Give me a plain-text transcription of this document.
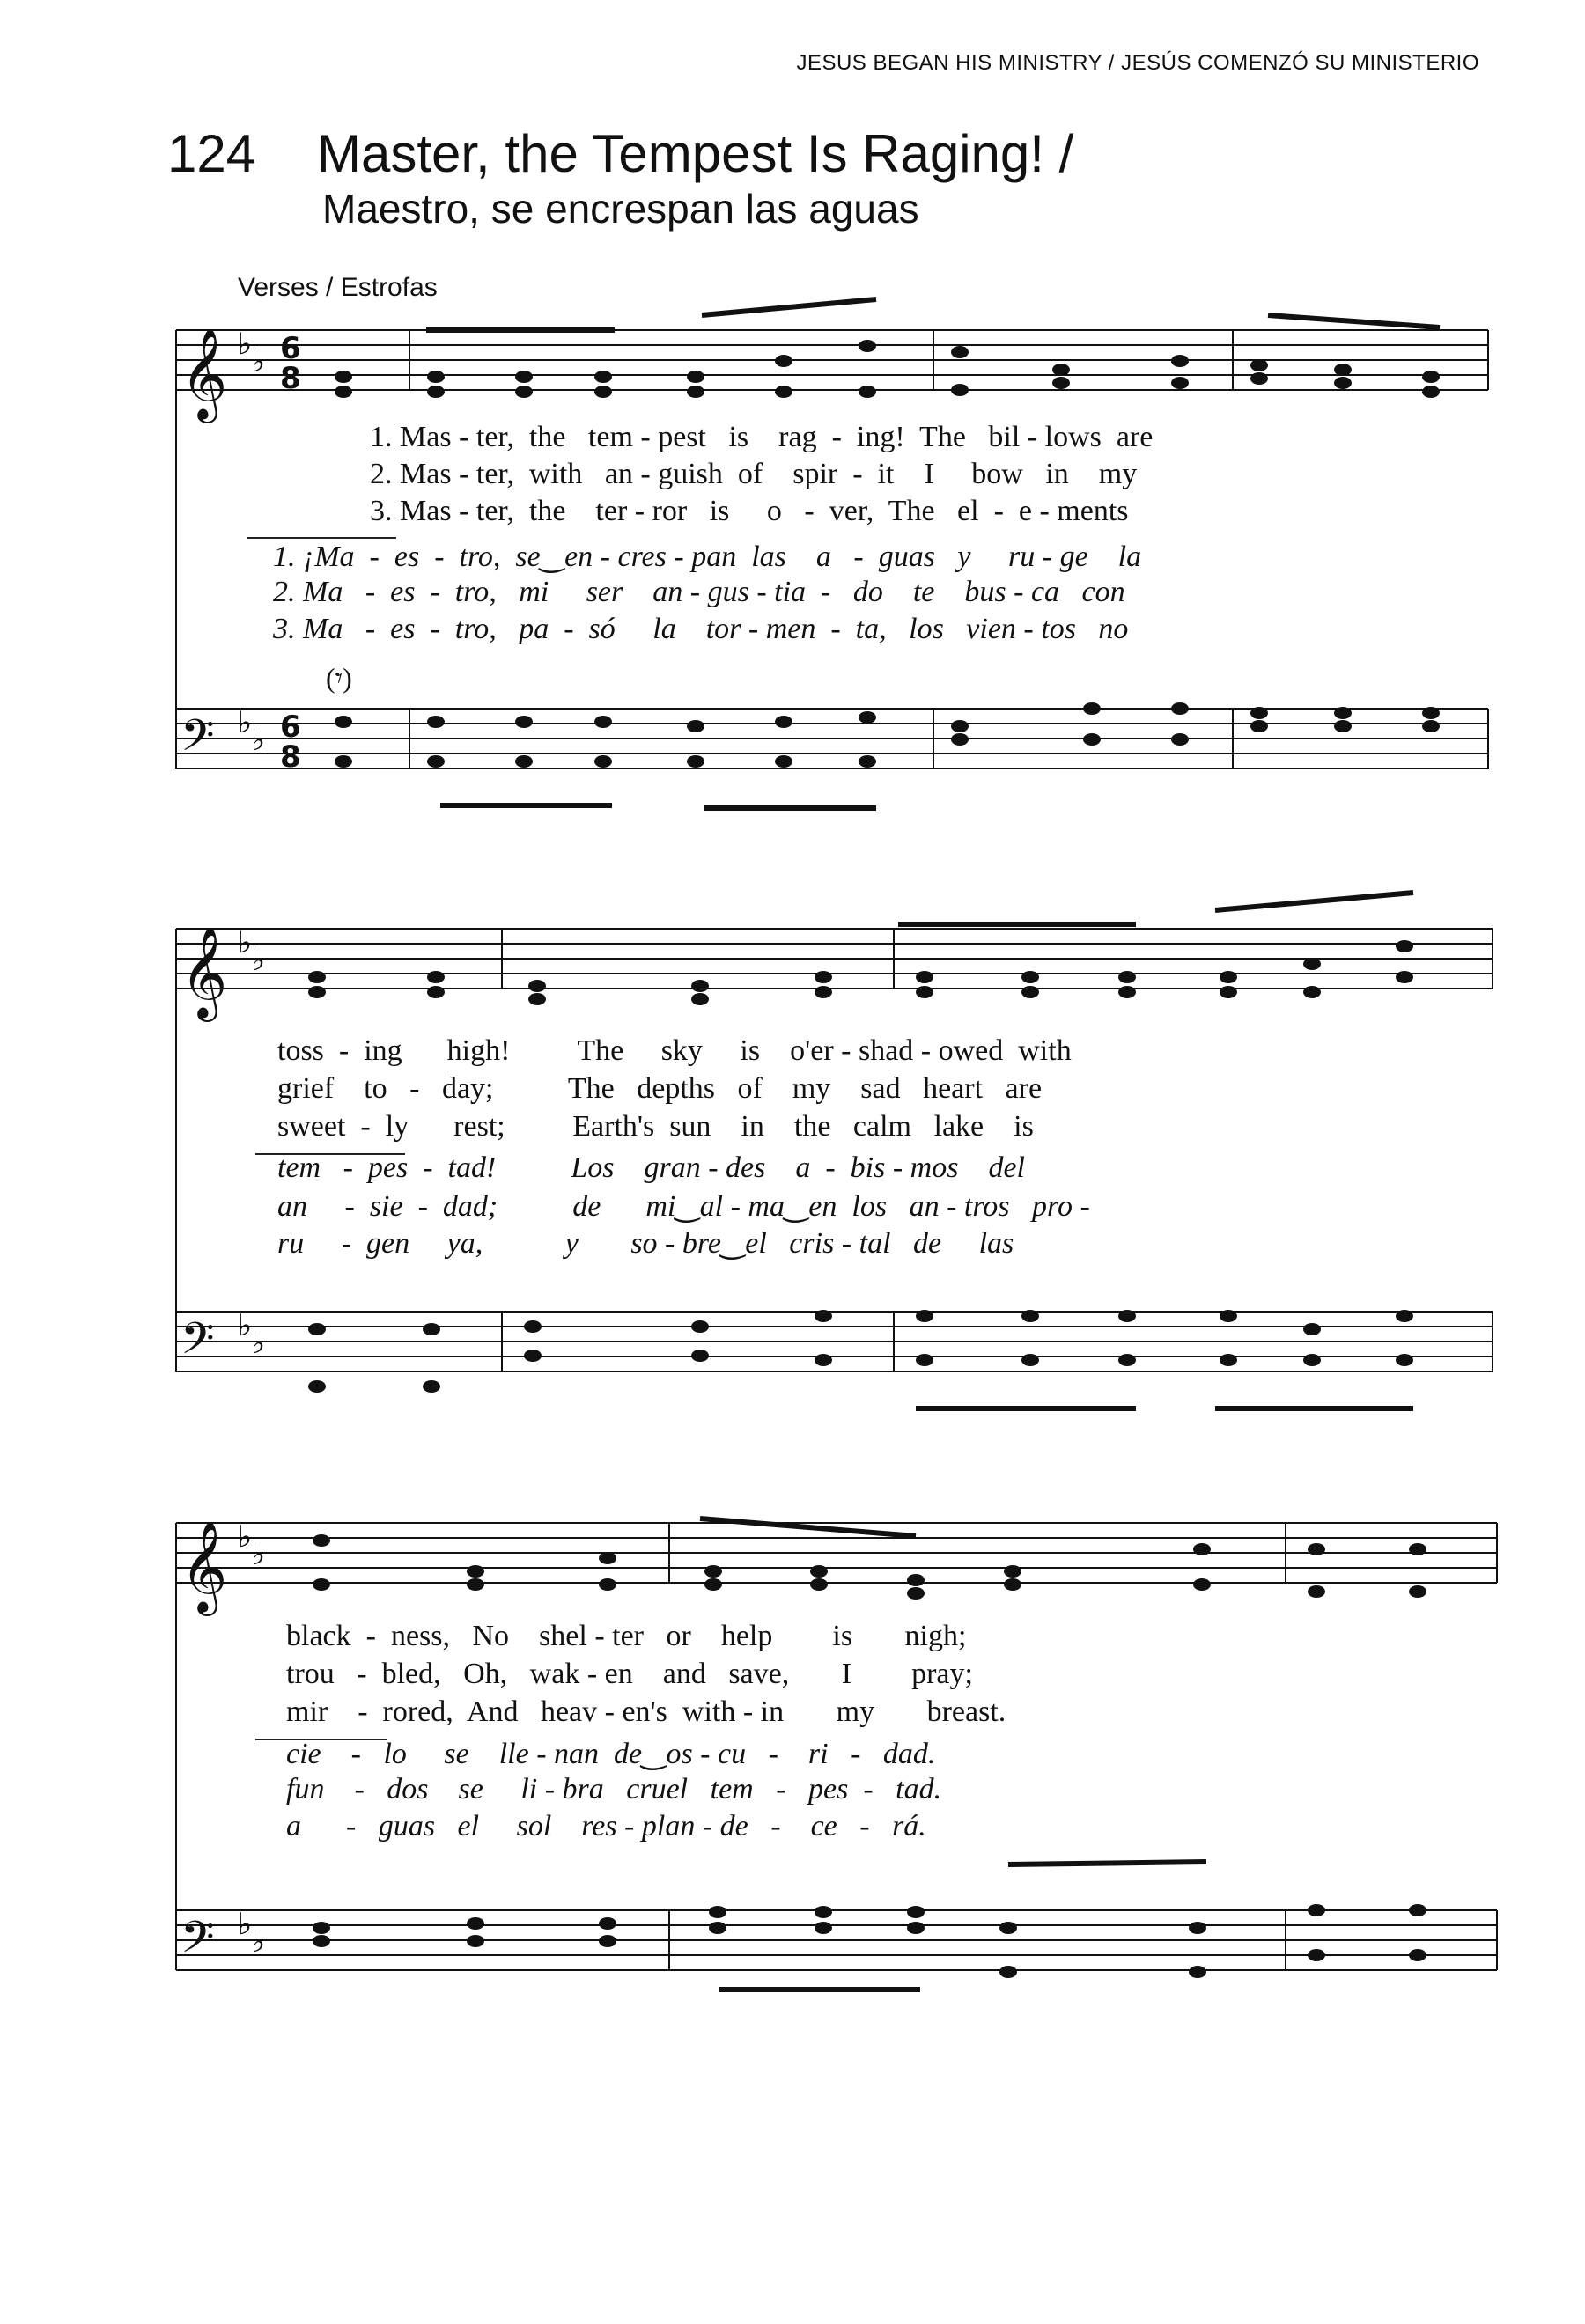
JESUS BEGAN HIS MINISTRY / JESÚS COMENZÓ SU MINISTERIO
124 Master, the Tempest Is Raging! /
Maestro, se encrespan las aguas
Verses / Estrofas
𝄞
𝄞
𝄞
𝄢
𝄢
𝄢
♭
♭
♭
♭
♭
♭
♭
♭
♭
♭
♭
♭
6
8
6
8
1. Mas - ter,  the   tem - pest   is    rag  -  ing!  The   bil - lows  are
2. Mas - ter,  with   an - guish  of    spir  -  it    I     bow   in    my
3. Mas - ter,  the    ter - ror   is     o   -  ver,  The   el  -  e - ments
1. ¡Ma  -  es  -  tro,  se‿en - cres - pan  las    a   -  guas   y     ru - ge    la
2. Ma   -  es  -  tro,   mi     ser    an - gus - tia  -   do    te    bus - ca   con
3. Ma   -  es  -  tro,   pa  -  só     la    tor - men  -  ta,   los   vien - tos   no
(𝄾)
toss  -  ing      high!         The     sky     is    o'er - shad - owed  with
grief    to   -   day;          The   depths   of    my    sad   heart   are
sweet  -  ly      rest;         Earth's  sun    in    the   calm   lake    is
tem   -  pes  -  tad!          Los    gran - des    a  -  bis - mos    del
an     -  sie  -  dad;          de      mi‿al - ma‿en  los   an - tros   pro -
ru     -  gen     ya,           y       so - bre‿el   cris - tal   de     las
black  -  ness,   No    shel - ter   or    help        is       nigh;
trou   -  bled,   Oh,   wak - en    and   save,       I        pray;
mir    -  rored,  And   heav - en's  with - in       my       breast.
cie    -   lo     se    lle - nan  de‿os - cu   -    ri   -   dad.
fun    -   dos    se     li - bra   cruel   tem   -   pes  -   tad.
a      -   guas   el     sol    res - plan - de   -    ce   -   rá.
